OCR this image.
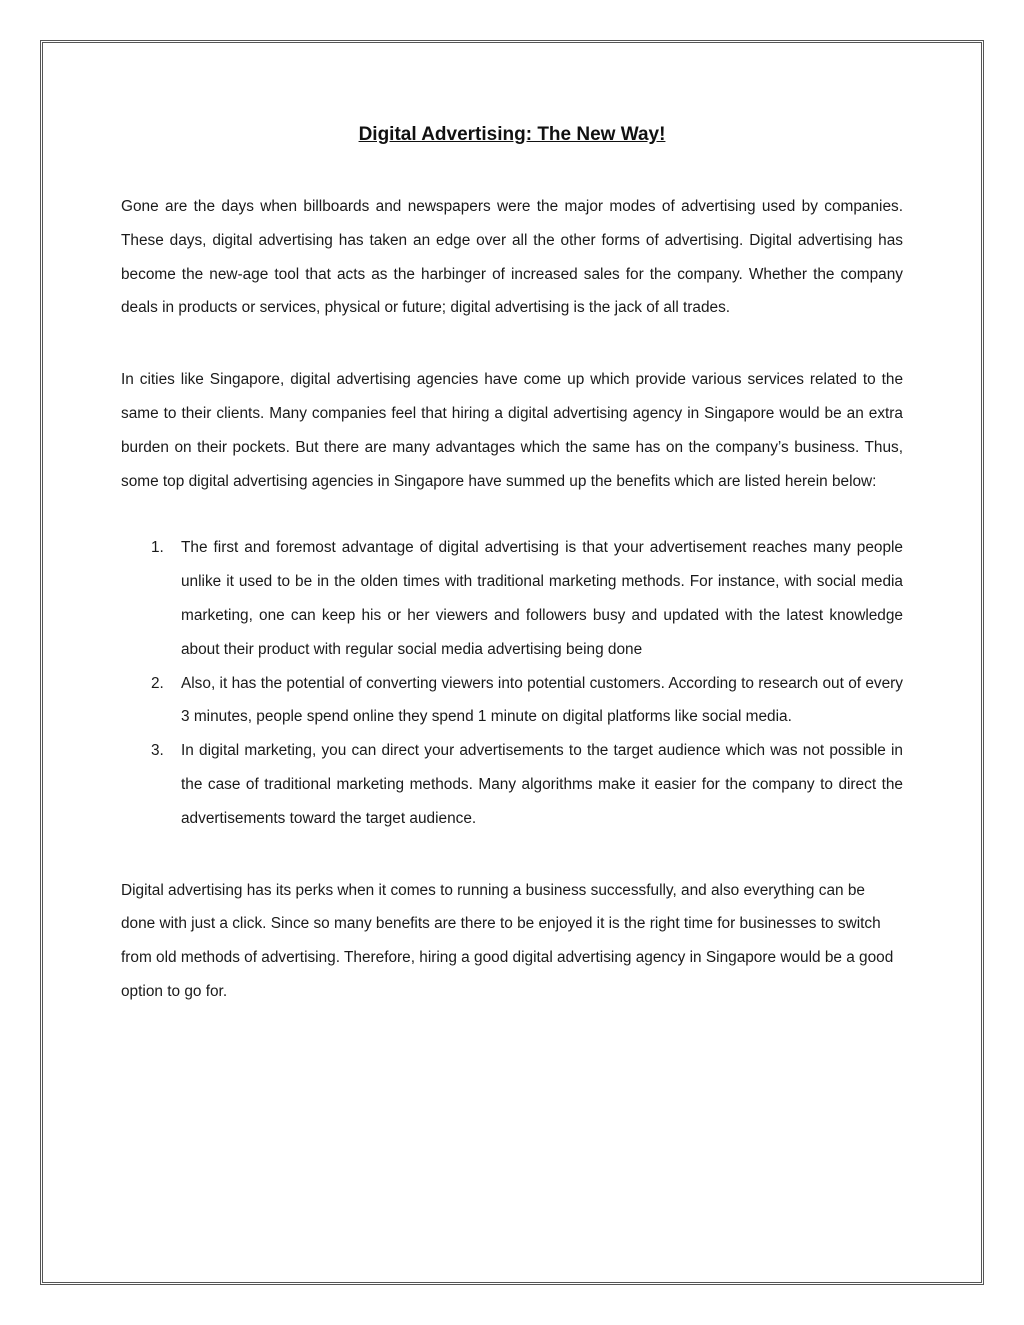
Digital Advertising: The New Way!

Gone are the days when billboards and newspapers were the major modes of advertising used by companies. These days, digital advertising has taken an edge over all the other forms of advertising. Digital advertising has become the new-age tool that acts as the harbinger of increased sales for the company. Whether the company deals in products or services, physical or future; digital advertising is the jack of all trades.

In cities like Singapore, digital advertising agencies have come up which provide various services related to the same to their clients. Many companies feel that hiring a digital advertising agency in Singapore would be an extra burden on their pockets. But there are many advantages which the same has on the company’s business. Thus, some top digital advertising agencies in Singapore have summed up the benefits which are listed herein below:

1. The first and foremost advantage of digital advertising is that your advertisement reaches many people unlike it used to be in the olden times with traditional marketing methods. For instance, with social media marketing, one can keep his or her viewers and followers busy and updated with the latest knowledge about their product with regular social media advertising being done
2. Also, it has the potential of converting viewers into potential customers. According to research out of every 3 minutes, people spend online they spend 1 minute on digital platforms like social media.
3. In digital marketing, you can direct your advertisements to the target audience which was not possible in the case of traditional marketing methods. Many algorithms make it easier for the company to direct the advertisements toward the target audience.

Digital advertising has its perks when it comes to running a business successfully, and also everything can be done with just a click. Since so many benefits are there to be enjoyed it is the right time for businesses to switch from old methods of advertising. Therefore, hiring a good digital advertising agency in Singapore would be a good option to go for.
